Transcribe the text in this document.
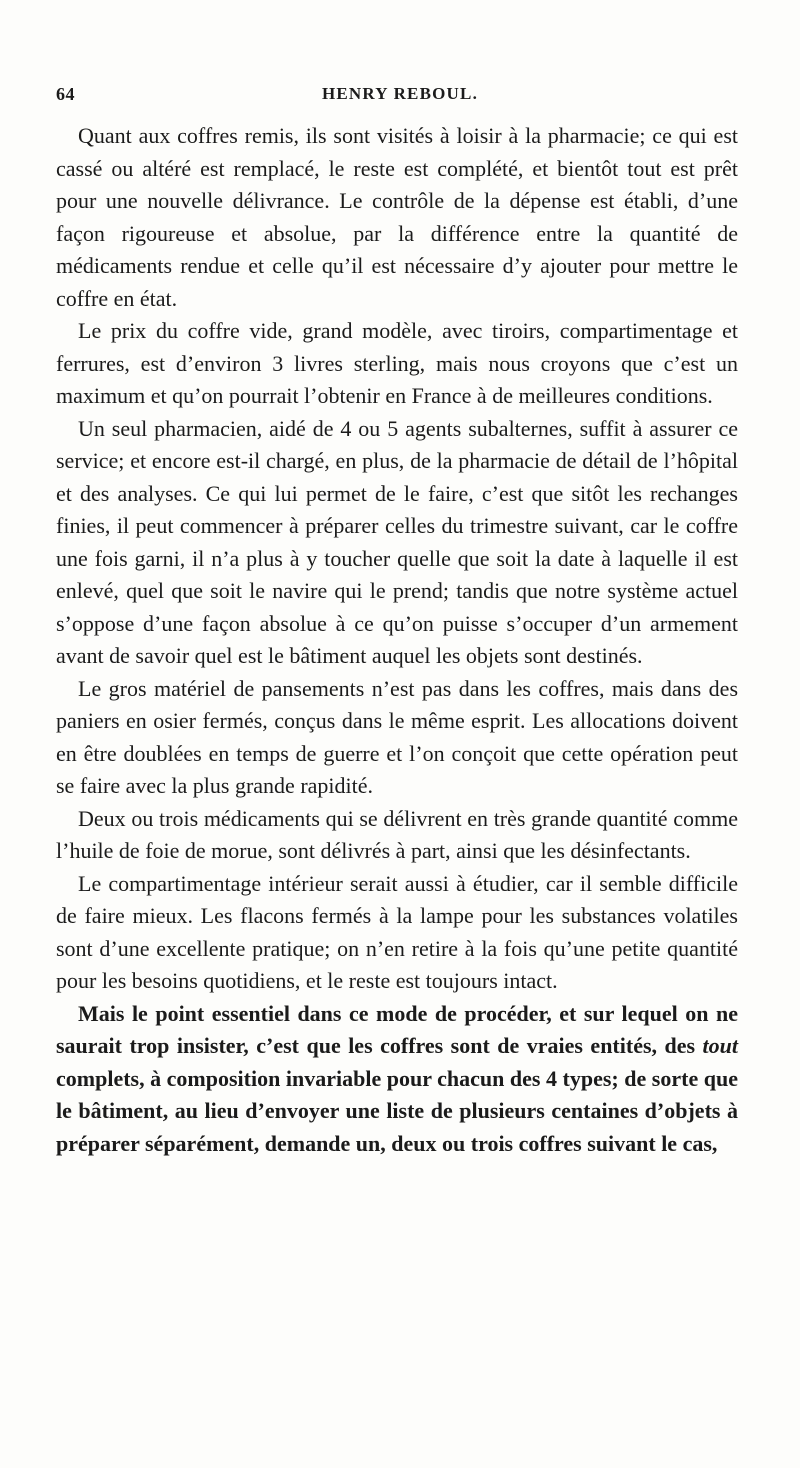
64	HENRY REBOUL.

Quant aux coffres remis, ils sont visités à loisir à la pharmacie; ce qui est cassé ou altéré est remplacé, le reste est complété, et bientôt tout est prêt pour une nouvelle délivrance. Le contrôle de la dépense est établi, d’une façon rigoureuse et absolue, par la différence entre la quantité de médicaments rendue et celle qu’il est nécessaire d’y ajouter pour mettre le coffre en état.

Le prix du coffre vide, grand modèle, avec tiroirs, compartimentage et ferrures, est d’environ 3 livres sterling, mais nous croyons que c’est un maximum et qu’on pourrait l’obtenir en France à de meilleures conditions.

Un seul pharmacien, aidé de 4 ou 5 agents subalternes, suffit à assurer ce service; et encore est-il chargé, en plus, de la pharmacie de détail de l’hôpital et des analyses. Ce qui lui permet de le faire, c’est que sitôt les rechanges finies, il peut commencer à préparer celles du trimestre suivant, car le coffre une fois garni, il n’a plus à y toucher quelle que soit la date à laquelle il est enlevé, quel que soit le navire qui le prend; tandis que notre système actuel s’oppose d’une façon absolue à ce qu’on puisse s’occuper d’un armement avant de savoir quel est le bâtiment auquel les objets sont destinés.

Le gros matériel de pansements n’est pas dans les coffres, mais dans des paniers en osier fermés, conçus dans le même esprit. Les allocations doivent en être doublées en temps de guerre et l’on conçoit que cette opération peut se faire avec la plus grande rapidité.

Deux ou trois médicaments qui se délivrent en très grande quantité comme l’huile de foie de morue, sont délivrés à part, ainsi que les désinfectants.

Le compartimentage intérieur serait aussi à étudier, car il semble difficile de faire mieux. Les flacons fermés à la lampe pour les substances volatiles sont d’une excellente pratique; on n’en retire à la fois qu’une petite quantité pour les besoins quotidiens, et le reste est toujours intact.

Mais le point essentiel dans ce mode de procéder, et sur lequel on ne saurait trop insister, c’est que les coffres sont de vraies entités, des tout complets, à composition invariable pour chacun des 4 types; de sorte que le bâtiment, au lieu d’envoyer une liste de plusieurs centaines d’objets à préparer séparément, demande un, deux ou trois coffres suivant le cas,
